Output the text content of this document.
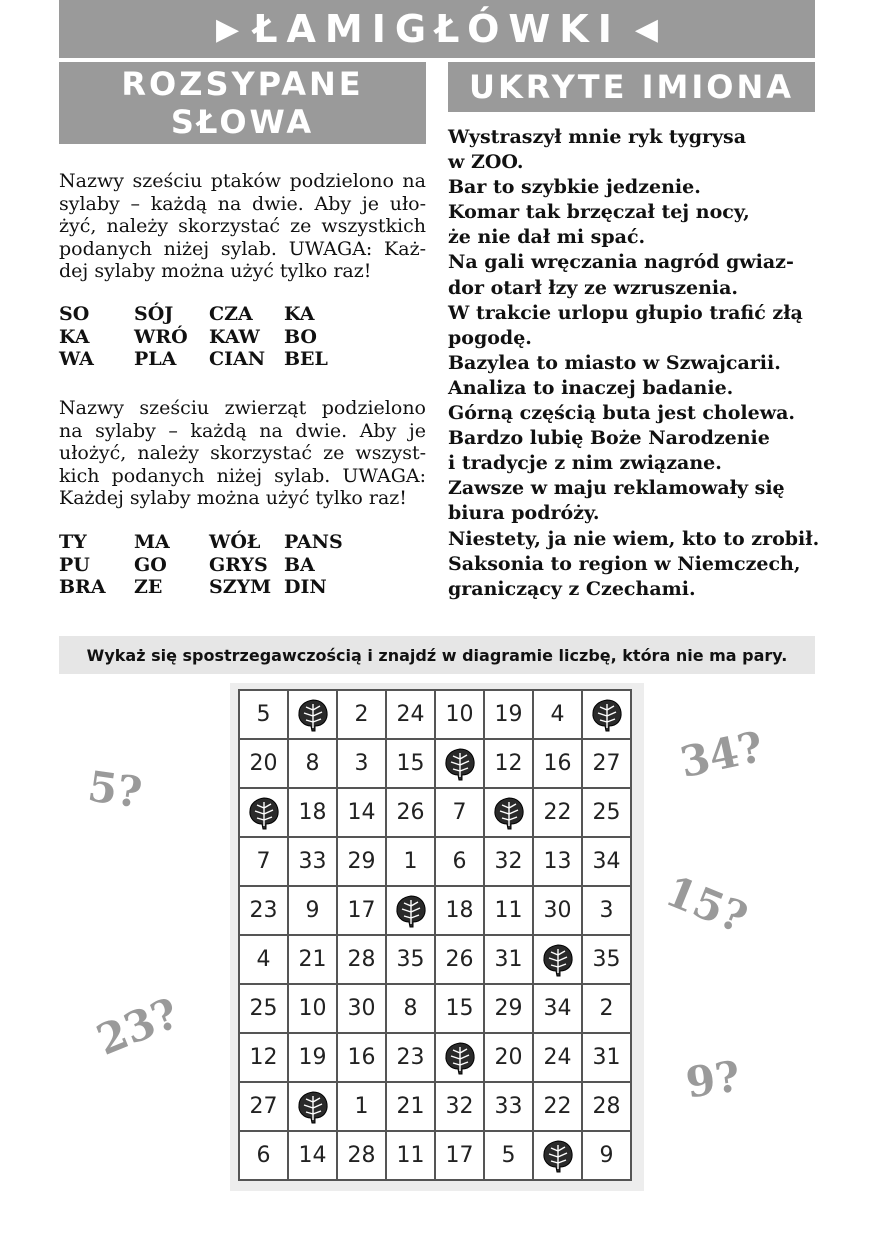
▶ ŁAMIGŁÓWKI ◀
ROZSYPANE
SŁOWA
UKRYTE IMIONA

Nazwy sześciu ptaków podzielono na sylaby – każdą na dwie. Aby je uło- żyć, należy skorzystać ze wszystkich podanych niżej sylab. UWAGA: Każ- dej sylaby można użyć tylko raz!

SO	SÓJ	CZA	KA
KA	WRÓ	KAW	BO
WA	PLA	CIAN	BEL

Nazwy sześciu zwierząt podzielono na sylaby – każdą na dwie. Aby je ułożyć, należy skorzystać ze wszyst- kich podanych niżej sylab. UWAGA: Każdej sylaby można użyć tylko raz!

TY	MA	WÓŁ	PANS
PU	GO	GRYS	BA
BRA	ZE	SZYM	DIN
Wystraszył mnie ryk tygrysa
w ZOO.
Bar to szybkie jedzenie.
Komar tak brzęczał tej nocy,
że nie dał mi spać.
Na gali wręczania nagród gwiaz-
dor otarł łzy ze wzruszenia.
W trakcie urlopu głupio trafić złą
pogodę.
Bazylea to miasto w Szwajcarii.
Analiza to inaczej badanie.
Górną częścią buta jest cholewa.
Bardzo lubię Boże Narodzenie
i tradycje z nim związane.
Zawsze w maju reklamowały się
biura podróży.
Niestety, ja nie wiem, kto to zrobił.
Saksonia to region w Niemczech,
graniczący z Czechami.
Wykaż się spostrzegawczością i znajdź w diagramie liczbę, która nie ma pary.
5		2	24	10	19	4	

20	8	3	15		12	16	27

	18	14	26	7		22	25
7	33	29	1	6	32	13	34
23	9	17		18	11	30	3
4	21	28	35	26	31		35
25	10	30	8	15	29	34	2
12	19	16	23		20	24	31
27		1	21	32	33	22	28
6	14	28	11	17	5		9
5?
34?
15?
23?
9?
